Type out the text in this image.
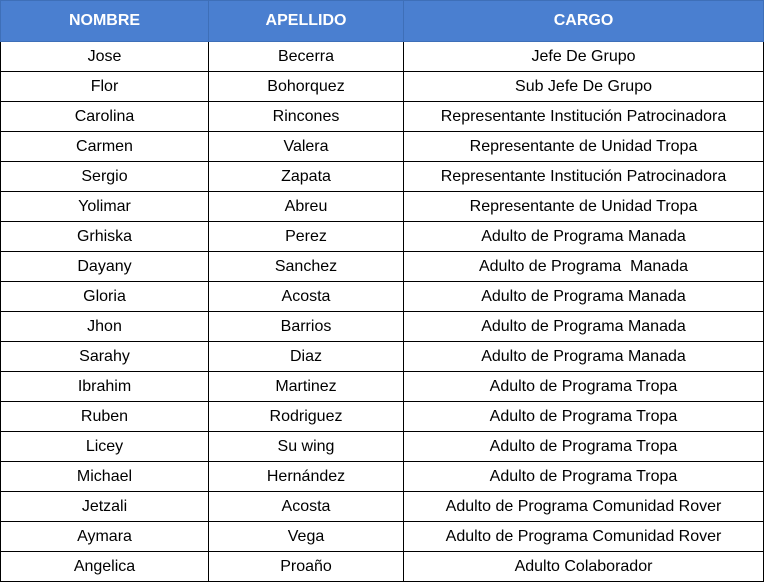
NOMBRE	APELLIDO	CARGO
Jose	Becerra	Jefe De Grupo
Flor	Bohorquez	Sub Jefe De Grupo
Carolina	Rincones	Representante Institución Patrocinadora
Carmen	Valera	Representante de Unidad Tropa
Sergio	Zapata	Representante Institución Patrocinadora
Yolimar	Abreu	Representante de Unidad Tropa
Grhiska	Perez	Adulto de Programa Manada
Dayany	Sanchez	Adulto de Programa  Manada
Gloria	Acosta	Adulto de Programa Manada
Jhon	Barrios	Adulto de Programa Manada
Sarahy	Diaz	Adulto de Programa Manada
Ibrahim	Martinez	Adulto de Programa Tropa
Ruben	Rodriguez	Adulto de Programa Tropa
Licey	Su wing	Adulto de Programa Tropa
Michael	Hernández	Adulto de Programa Tropa
Jetzali	Acosta	Adulto de Programa Comunidad Rover
Aymara	Vega	Adulto de Programa Comunidad Rover
Angelica	Proaño	Adulto Colaborador
